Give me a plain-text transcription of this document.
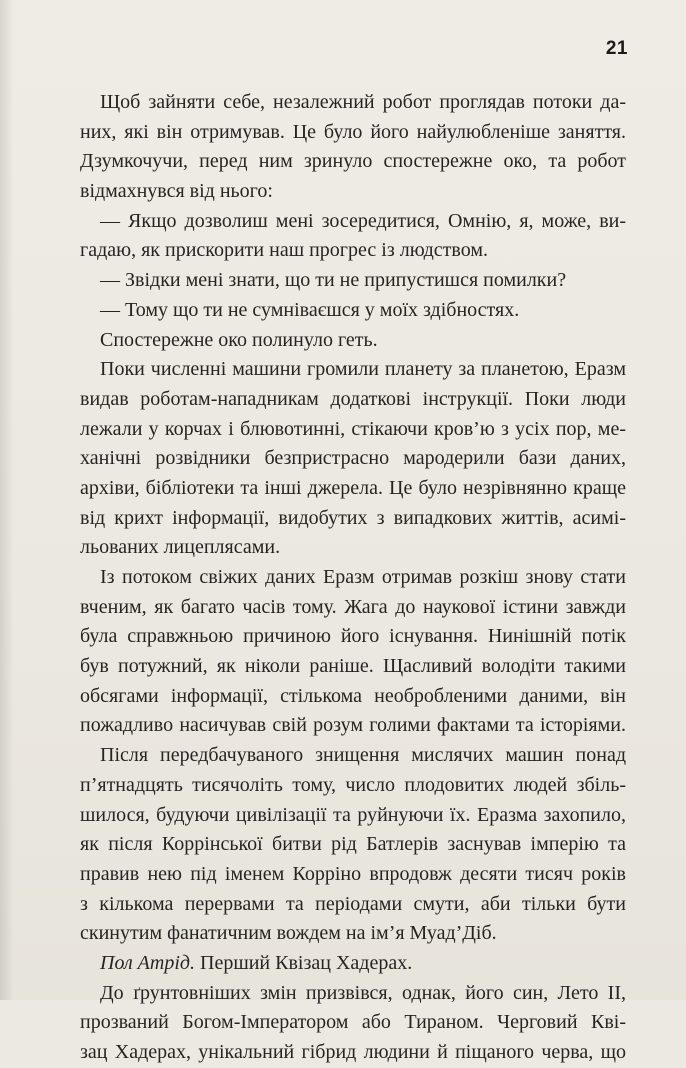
21
Щоб зайняти себе, незалежний робот проглядав потоки да-
них, які він отримував. Це було його найулюбленіше заняття.
Дзумкочучи, перед ним зринуло спостережне око, та робот
відмахнувся від нього:
— Якщо дозволиш мені зосередитися, Омнію, я, може, ви-
гадаю, як прискорити наш прогрес із людством.
— Звідки мені знати, що ти не припустишся помилки?
— Тому що ти не сумніваєшся у моїх здібностях.
Спостережне око полинуло геть.
Поки численні машини громили планету за планетою, Еразм
видав роботам-нападникам додаткові інструкції. Поки люди
лежали у корчах і блювотинні, стікаючи кров’ю з усіх пор, ме-
ханічні розвідники безпристрасно мародерили бази даних,
архіви, бібліотеки та інші джерела. Це було незрівнянно краще
від крихт інформації, видобутих з випадкових життів, асимі-
льованих лицеплясами.
Із потоком свіжих даних Еразм отримав розкіш знову стати
вченим, як багато часів тому. Жага до наукової істини завжди
була справжньою причиною його існування. Нинішній потік
був потужний, як ніколи раніше. Щасливий володіти такими
обсягами інформації, стількома необробленими даними, він
пожадливо насичував свій розум голими фактами та історіями.
Після передбачуваного знищення мислячих машин понад
п’ятнадцять тисячоліть тому, число плодовитих людей збіль-
шилося, будуючи цивілізації та руйнуючи їх. Еразма захопило,
як після Коррінської битви рід Батлерів заснував імперію та
правив нею під іменем Корріно впродовж десяти тисяч років
з кількома перервами та періодами смути, аби тільки бути
скинутим фанатичним вождем на ім’я Муад’Діб.
Пол Атрід. Перший Квізац Хадерах.
До ґрунтовніших змін призвівся, однак, його син, Лето II,
прозваний Богом-Імператором або Тираном. Черговий Кві-
зац Хадерах, унікальний гібрид людини й піщаного черва, що
